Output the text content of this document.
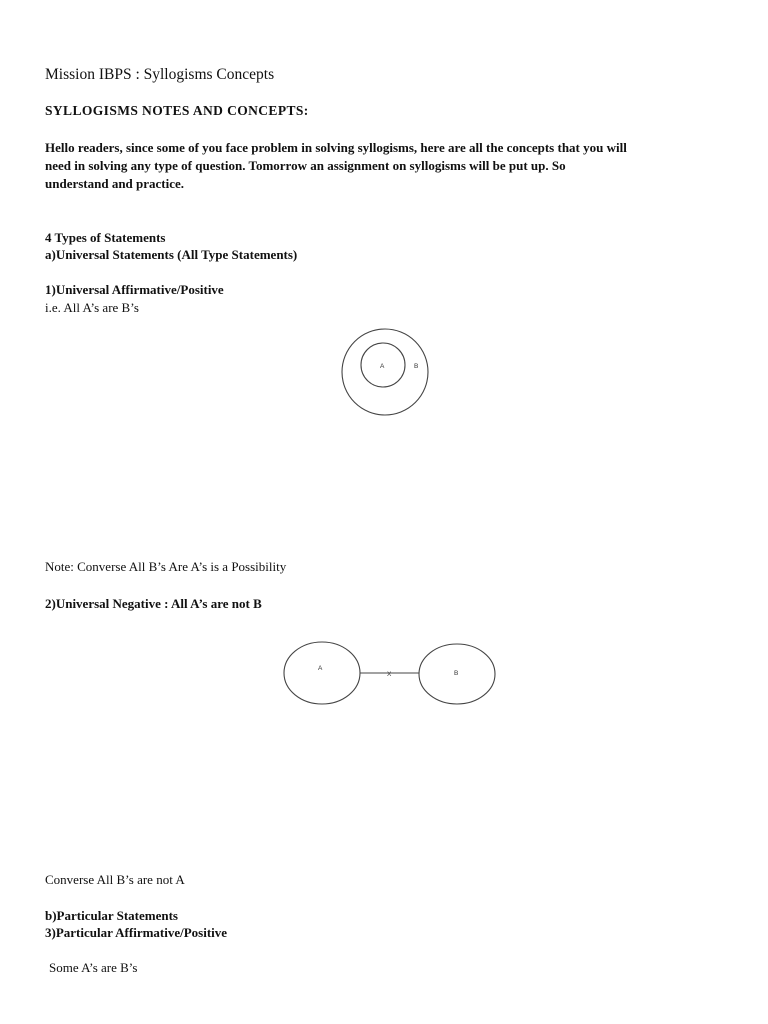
Mission IBPS : Syllogisms Concepts
SYLLOGISMS NOTES AND CONCEPTS:
Hello readers, since some of you face problem in solving syllogisms, here are all the concepts that you will
need in solving any type of question. Tomorrow an assignment on syllogisms will be put up. So
understand and practice.
4 Types of Statements
a)Universal Statements (All Type Statements)
1)Universal Affirmative/Positive
i.e. All A’s are B’s
A	B
Note: Converse All B’s Are A’s is a Possibility
2)Universal Negative : All A’s are not B
A
X	B
Converse All B’s are not A
b)Particular Statements
3)Particular Affirmative/Positive
Some A’s are B’s
